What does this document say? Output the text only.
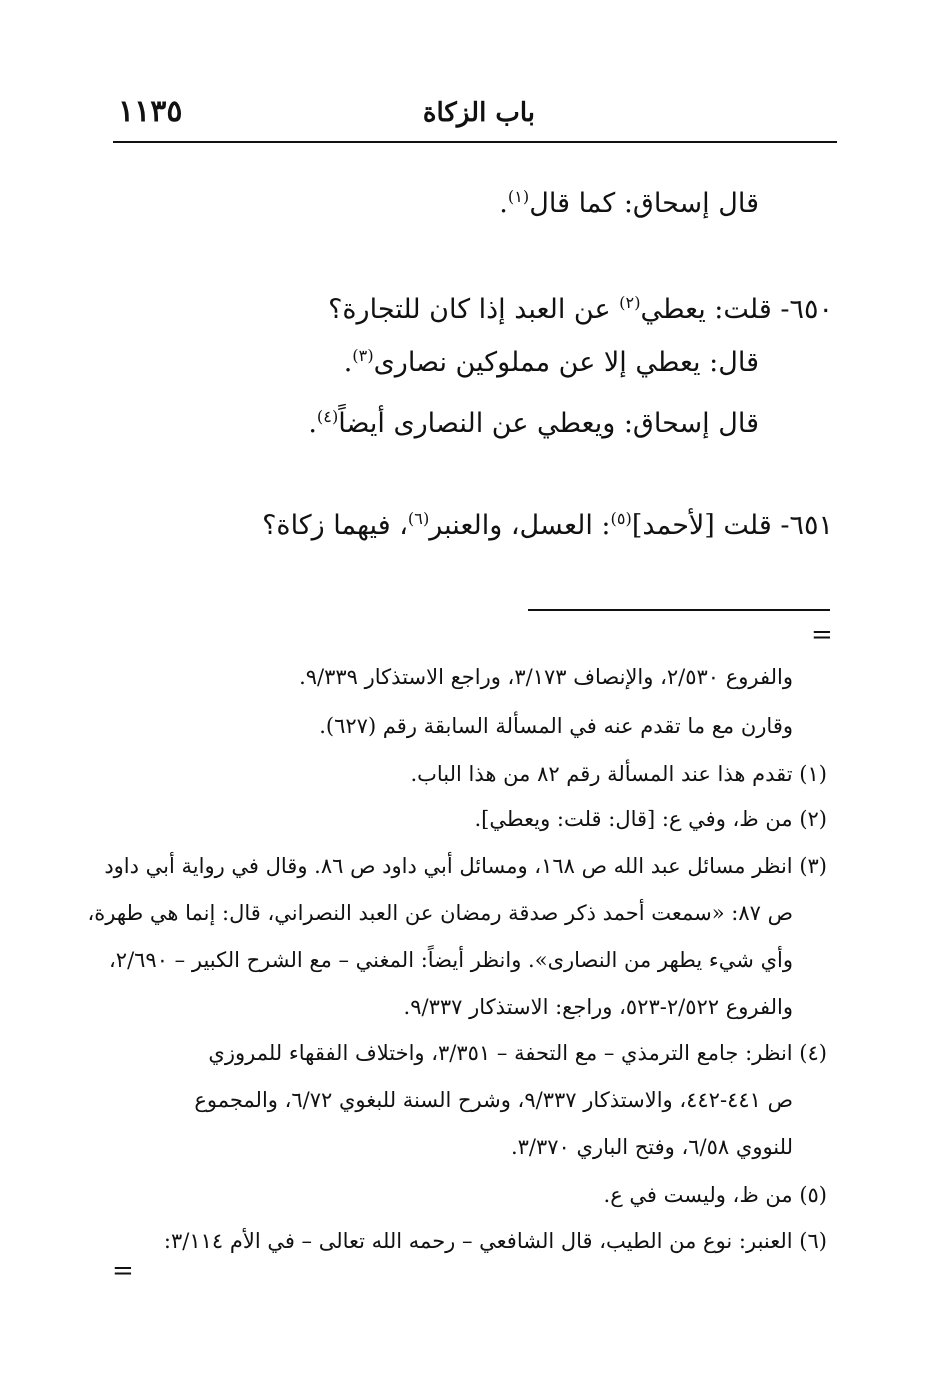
باب الزكاة
١١٣٥
قال إسحاق: كما قال$^{(١)}$.
٦٥٠- قلت: يعطي$^{(٢)}$ عن العبد إذا كان للتجارة؟
قال: يعطي إلا عن مملوكين نصارى$^{(٣)}$.
قال إسحاق: ويعطي عن النصارى أيضاً$^{(٤)}$.
٦٥١- قلت [لأحمد]$^{(٥)}$: العسل، والعنبر$^{(٦)}$، فيهما زكاة؟
=
والفروع ٢/٥٣٠، والإنصاف ٣/١٧٣، وراجع الاستذكار ٩/٣٣٩.
وقارن مع ما تقدم عنه في المسألة السابقة رقم (٦٢٧).
(١) تقدم هذا عند المسألة رقم ٨٢ من هذا الباب.
(٢) من ظ، وفي ع: [قال: قلت: ويعطي].
(٣) انظر مسائل عبد الله ص ١٦٨، ومسائل أبي داود ص ٨٦. وقال في رواية أبي داود
ص ٨٧: «سمعت أحمد ذكر صدقة رمضان عن العبد النصراني، قال: إنما هي طهرة،
وأي شيء يطهر من النصارى». وانظر أيضاً: المغني – مع الشرح الكبير – ٢/٦٩٠،
والفروع ٢/٥٢٢-٥٢٣، وراجع: الاستذكار ٩/٣٣٧.
(٤) انظر: جامع الترمذي – مع التحفة – ٣/٣٥١، واختلاف الفقهاء للمروزي
ص ٤٤١-٤٤٢، والاستذكار ٩/٣٣٧، وشرح السنة للبغوي ٦/٧٢، والمجموع
للنووي ٦/٥٨، وفتح الباري ٣/٣٧٠.
(٥) من ظ، وليست في ع.
(٦) العنبر: نوع من الطيب، قال الشافعي – رحمه الله تعالى – في الأم ٣/١١٤:
=
